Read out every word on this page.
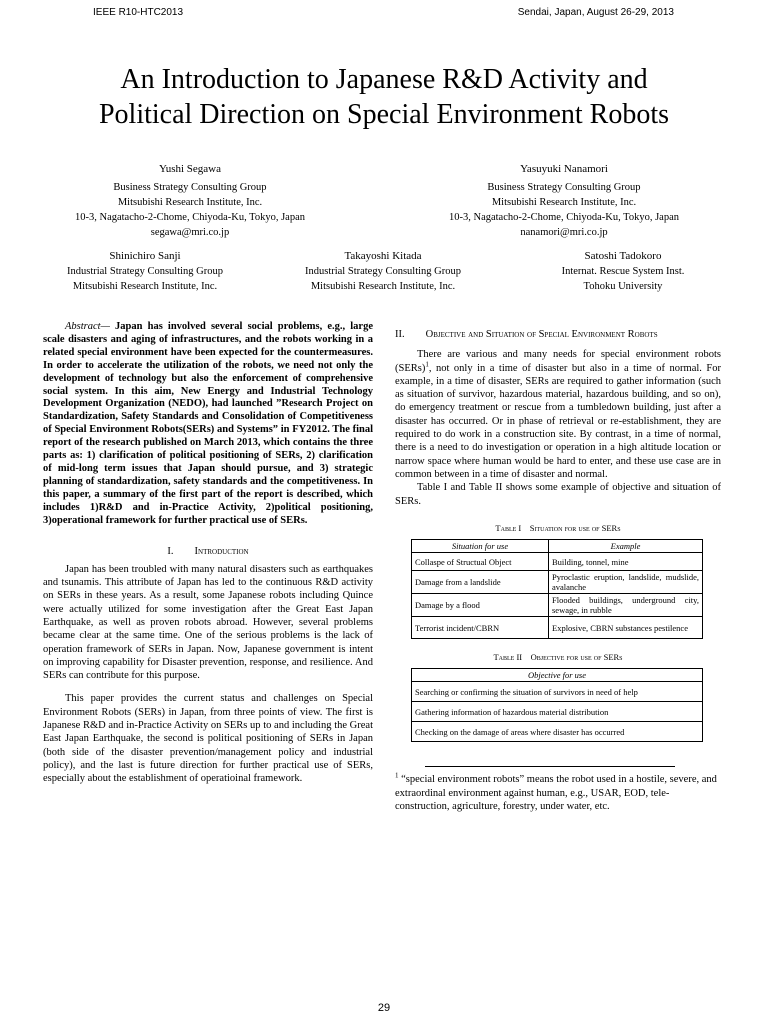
IEEE R10-HTC2013	Sendai, Japan, August 26-29, 2013
An Introduction to Japanese R&D Activity and
Political Direction on Special Environment Robots
Yushi Segawa
Business Strategy Consulting Group
Mitsubishi Research Institute, Inc.
10-3, Nagatacho-2-Chome, Chiyoda-Ku, Tokyo, Japan
segawa@mri.co.jp
Yasuyuki Nanamori
Business Strategy Consulting Group
Mitsubishi Research Institute, Inc.
10-3, Nagatacho-2-Chome, Chiyoda-Ku, Tokyo, Japan
nanamori@mri.co.jp
Shinichiro Sanji
Industrial Strategy Consulting Group
Mitsubishi Research Institute, Inc.
Takayoshi Kitada
Industrial Strategy Consulting Group
Mitsubishi Research Institute, Inc.
Satoshi Tadokoro
Internat. Rescue System Inst.
Tohoku University

Abstract— Japan has involved several social problems, e.g., large scale disasters and aging of infrastructures, and the robots working in a related special environment have been expected for the countermeasures. In order to accelerate the utilization of the robots, we need not only the development of technology but also the enforcement of comprehensive social system. In this aim, New Energy and Industrial Technology Development Organization (NEDO), had launched ”Research Project on Standardization, Safety Standards and Consolidation of Competitiveness of Special Environment Robots(SERs) and Systems” in FY2012. The final report of the research published on March 2013, which contains the three parts as: 1) clarification of political positioning of SERs, 2) clarification of mid-long term issues that Japan should pursue, and 3) strategic planning of standardization, safety standards and the competitiveness. In this paper, a summary of the first part of the report is described, which includes 1)R&D and in-Practice Activity, 2)political positioning, 3)operational framework for further practical use of SERs.

I.  Introduction

Japan has been troubled with many natural disasters such as earthquakes and tsunamis. This attribute of Japan has led to the continuous R&D activity on SERs in these years. As a result, some Japanese robots including Quince were actually utilized for some investigation after the Great East Japan Earthquake, as well as proven robots abroad. However, several problems became clear at the same time. One of the serious problems is the lack of operation framework of SERs in Japan. Now, Japanese government is intent on improving capability for Disaster prevention, response, and resilience. And SERs can contribute for this purpose.

This paper provides the current status and challenges on Special Environment Robots (SERs) in Japan, from three points of view. The first is Japanese R&D and in-Practice Activity on SERs up to and including the Great East Japan Earthquake, the second is political positioning of SERs in Japan (both side of the disaster prevention/management policy and industrial policy), and the last is future direction for further practical use of SERs, especially about the establishment of operatioinal framework.

II.  Objective and Situation of Special Environment Robots

There are various and many needs for special environment robots (SERs)$^1$, not only in a time of disaster but also in a time of normal. For example, in a time of disaster, SERs are required to gather information (such as situation of survivor, hazardous material, hazardous building, and so on), do emergency treatment or rescue from a tumbledown building, just after a disaster has occurred. Or in phase of retrieval or re-establishment, they are required to do work in a construction site. By contrast, in a time of normal, there is a need to do investigation or operation in a high altitude location or narrow space where human would be hard to enter, and these use case are in common between in a time of disaster and normal.

Table I and Table II shows some example of objective and situation of SERs.

Table I Situation for use of SERs
Situation for use	Example
Collaspe of Structual Object	Building, tonnel, mine
Damage from a landslide	Pyroclastic eruption, landslide, mudslide, avalanche
Damage by a flood	Flooded buildings, underground city, sewage, in rubble
Terrorist incident/CBRN	Explosive, CBRN substances pestilence
Table II Objective for use of SERs
Objective for use
Searching or confirming the situation of survivors in need of help
Gathering information of hazardous material distribution
Checking on the damage of areas where disaster has occurred

$^1$ “special environment robots” means the robot used in a hostile, severe, and extraordinal environment against human, e.g., USAR, EOD, tele-construction, agriculture, forestry, under water, etc.

29
